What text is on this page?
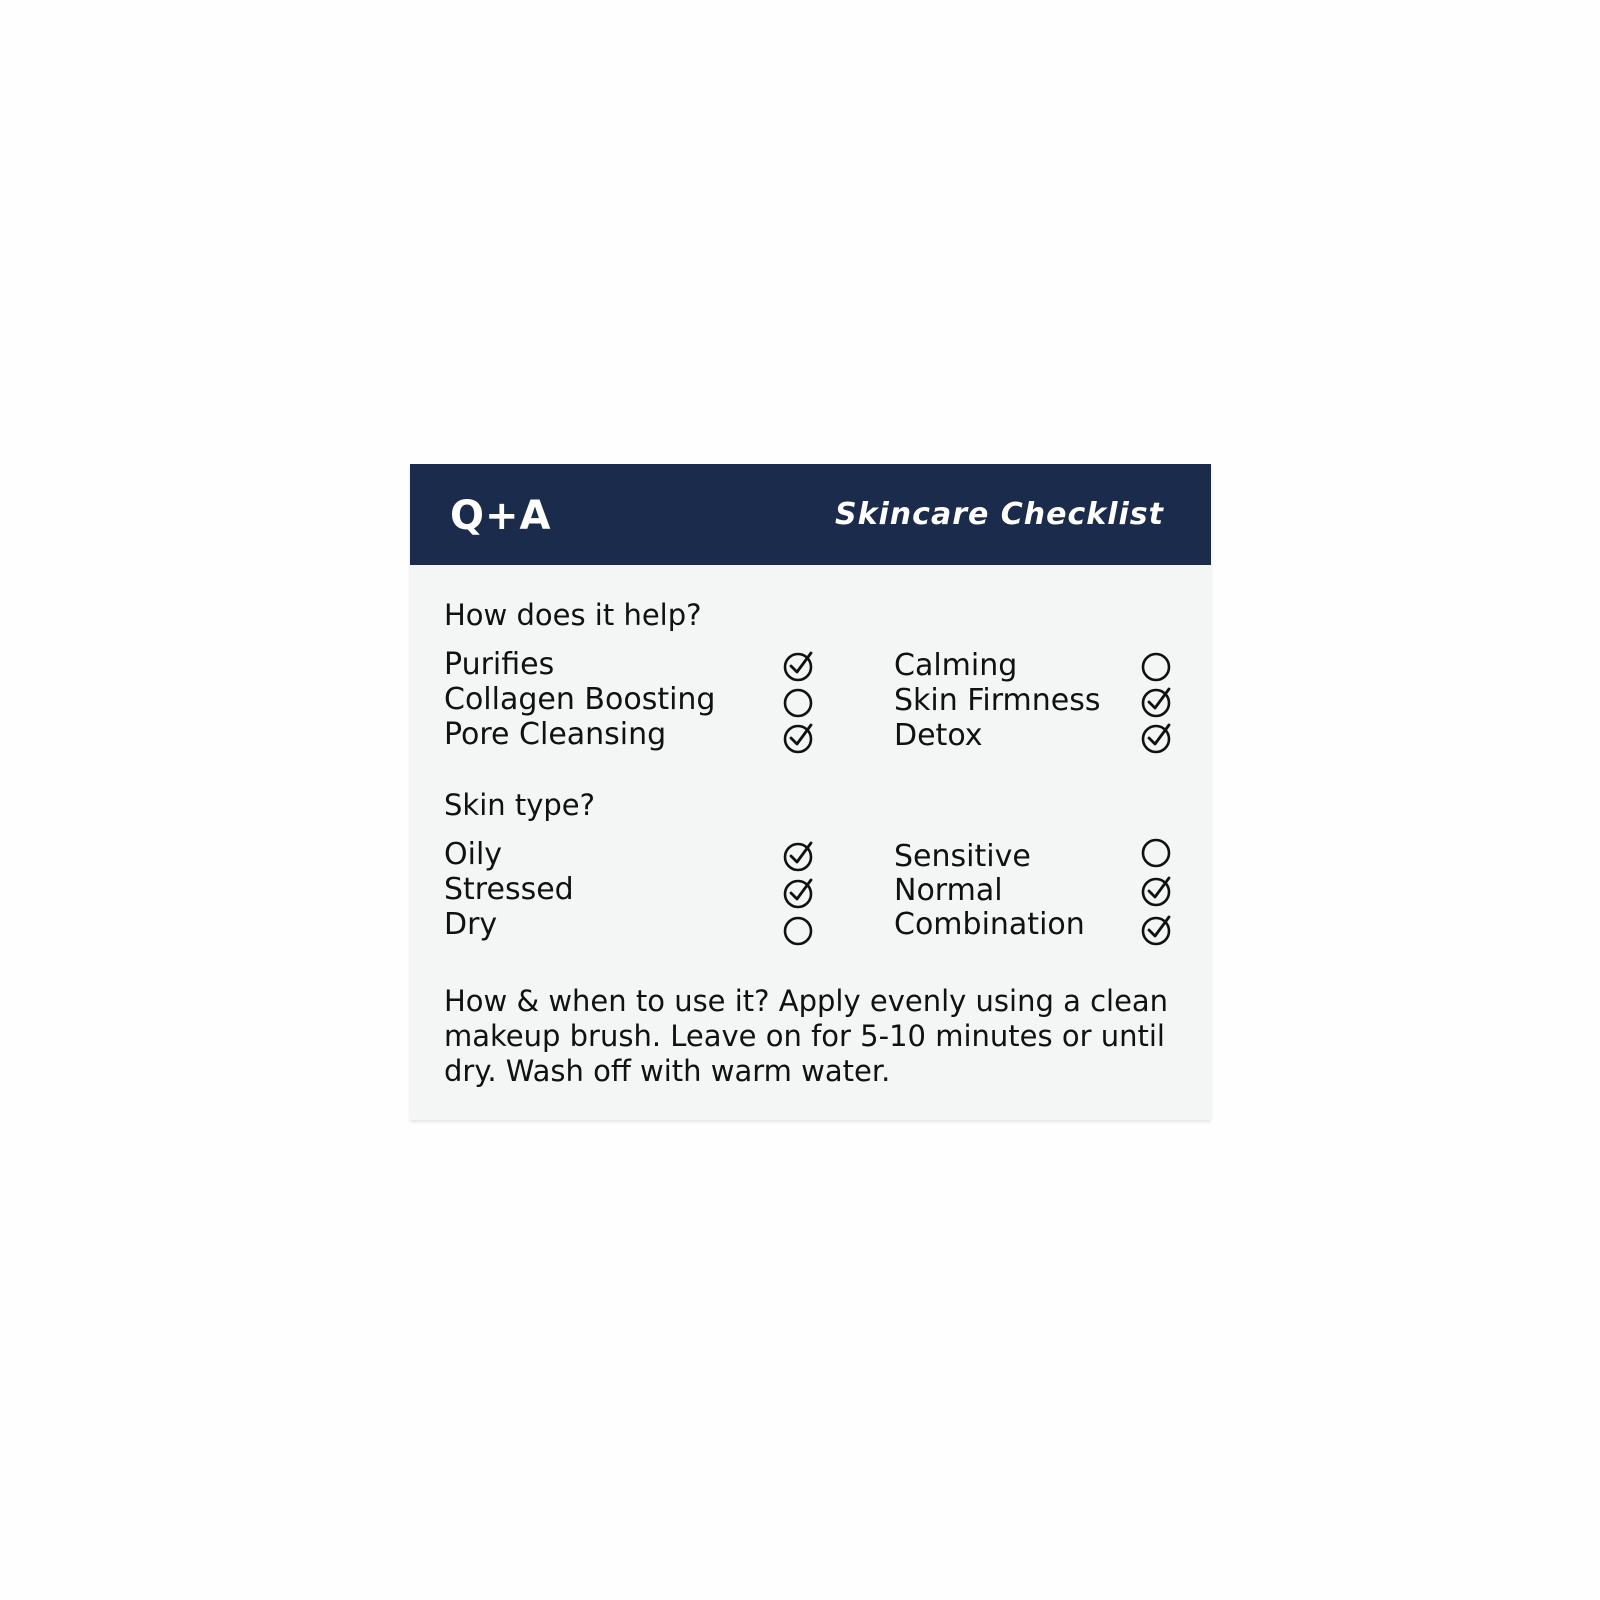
Q+A	Skincare Checklist
How does it help?
Purifies
Collagen Boosting
Pore Cleansing
Calming
Skin Firmness
Detox
Skin type?
Oily
Stressed
Dry
Sensitive
Normal
Combination
How & when to use it? Apply evenly using a clean makeup brush. Leave on for 5-10 minutes or until dry. Wash off with warm water.
